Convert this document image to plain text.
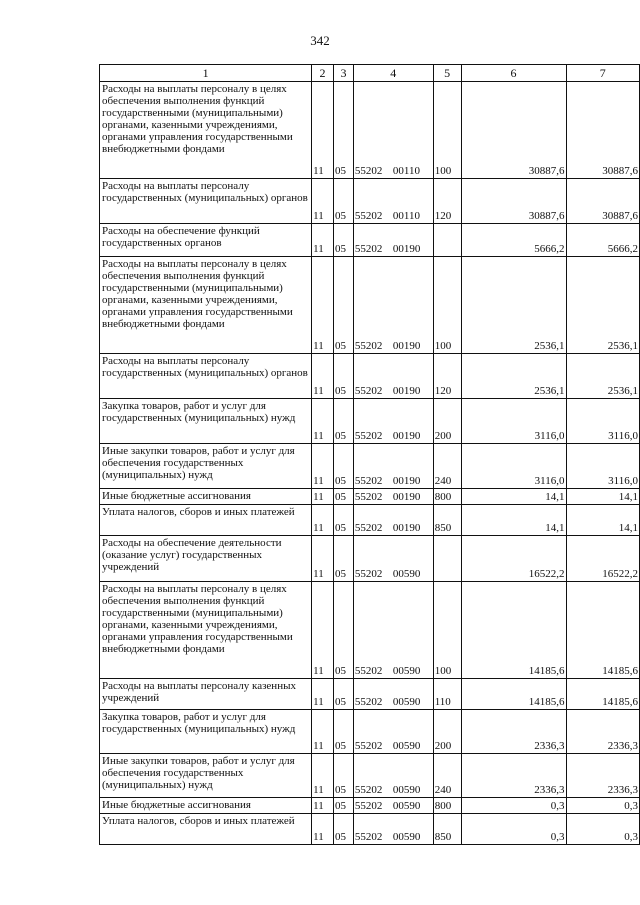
342
1	2	3	4	5	6	7
Расходы на выплаты персоналу в целях обеспечения выполнения функций государственными (муниципальными) органами, казенными учреждениями, органами управления государственными внебюджетными фондами	11	05	55202 00110	100	30887,6	30887,6
Расходы на выплаты персоналу государственных (муниципальных) органов	11	05	55202 00110	120	30887,6	30887,6
Расходы на обеспечение функций государственных органов	11	05	55202 00190		5666,2	5666,2
Расходы на выплаты персоналу в целях обеспечения выполнения функций государственными (муниципальными) органами, казенными учреждениями, органами управления государственными внебюджетными фондами	11	05	55202 00190	100	2536,1	2536,1
Расходы на выплаты персоналу государственных (муниципальных) органов	11	05	55202 00190	120	2536,1	2536,1
Закупка товаров, работ и услуг для государственных (муниципальных) нужд	11	05	55202 00190	200	3116,0	3116,0
Иные закупки товаров, работ и услуг для обеспечения государственных (муниципальных) нужд	11	05	55202 00190	240	3116,0	3116,0
Иные бюджетные ассигнования	11	05	55202 00190	800	14,1	14,1
Уплата налогов, сборов и иных платежей	11	05	55202 00190	850	14,1	14,1
Расходы на обеспечение деятельности (оказание услуг) государственных учреждений	11	05	55202 00590		16522,2	16522,2
Расходы на выплаты персоналу в целях обеспечения выполнения функций государственными (муниципальными) органами, казенными учреждениями, органами управления государственными внебюджетными фондами	11	05	55202 00590	100	14185,6	14185,6
Расходы на выплаты персоналу казенных учреждений	11	05	55202 00590	110	14185,6	14185,6
Закупка товаров, работ и услуг для государственных (муниципальных) нужд	11	05	55202 00590	200	2336,3	2336,3
Иные закупки товаров, работ и услуг для обеспечения государственных (муниципальных) нужд	11	05	55202 00590	240	2336,3	2336,3
Иные бюджетные ассигнования	11	05	55202 00590	800	0,3	0,3
Уплата налогов, сборов и иных платежей	11	05	55202 00590	850	0,3	0,3
